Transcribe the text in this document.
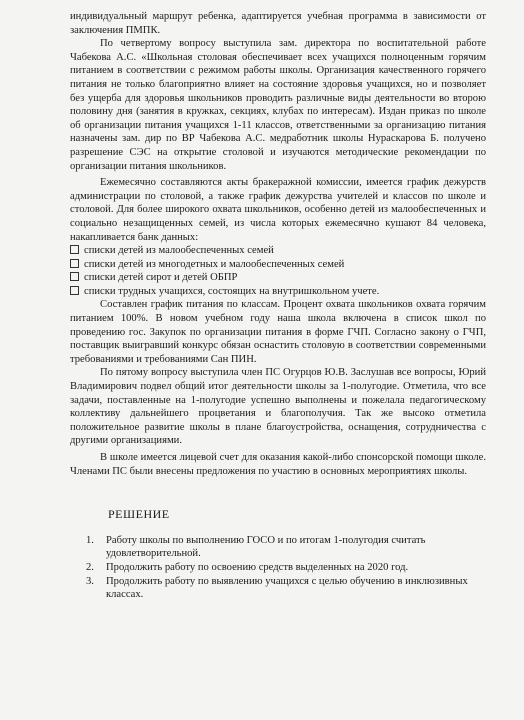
индивидуальный маршрут ребенка, адаптируется учебная программа в зависимости от заключения ПМПК.

По четвертому вопросу выступила зам. директора по воспитательной работе Чабекова А.С. «Школьная столовая обеспечивает всех учащихся полноценным горячим питанием в соответствии с режимом работы школы. Организация качественного горячего питания не только благоприятно влияет на состояние здоровья учащихся, но и позволяет без ущерба для здоровья школьников проводить различные виды деятельности во второю половину дня (занятия в кружках, секциях, клубах по интересам). Издан приказ по школе об организации питания учащихся 1-11 классов, ответственными за организацию питания назначены зам. дир по ВР Чабекова А.С. медработник школы Нураскарова Б. получено разрешение СЭС на открытие столовой и изучаются методические рекомендации по организации питания школьников.

Ежемесячно составляются акты бракеражной комиссии, имеется график дежурств администрации по столовой, а также график дежурства учителей и классов по школе и столовой. Для более широкого охвата школьников, особенно детей из малообеспеченных и социально незащищенных семей, из числа которых ежемесячно кушают 84 человека, накапливается банк данных:

списки детей из малообеспеченных семей
списки детей из многодетных и малообеспеченных семей
списки детей сирот и детей ОБПР
списки трудных учащихся, состоящих на внутришкольном учете.

Составлен график питания по классам. Процент охвата школьников охвата горячим питанием 100%. В новом учебном году наша школа включена в список школ по проведению гос. Закупок по организации питания в форме ГЧП. Согласно закону о ГЧП, поставщик выигравший конкурс обязан оснастить столовую в соответствии современными требованиями и требованиями Сан ПИН.

По пятому вопросу выступила член ПС Огурцов Ю.В. Заслушав все вопросы, Юрий Владимирович подвел общий итог деятельности школы за 1-полугодие. Отметила, что все задачи, поставленные на 1-полугодие успешно выполнены и пожелала педагогическому коллективу дальнейшего процветания и благополучия. Так же высоко отметила положительное развитие школы в плане благоустройства, оснащения, сотрудничества с другими организациями.

В школе имеется лицевой счет для оказания какой-либо спонсорской помощи школе. Членами ПС были внесены предложения по участию в основных мероприятиях школы.

РЕШЕНИЕ

1.	Работу школы по выполнению ГОСО и по итогам 1-полугодия считать удовлетворительной.
2.	Продолжить работу по освоению средств выделенных на 2020 год.
3.	Продолжить работу по выявлению учащихся с целью обучению в инклюзивных классах.
